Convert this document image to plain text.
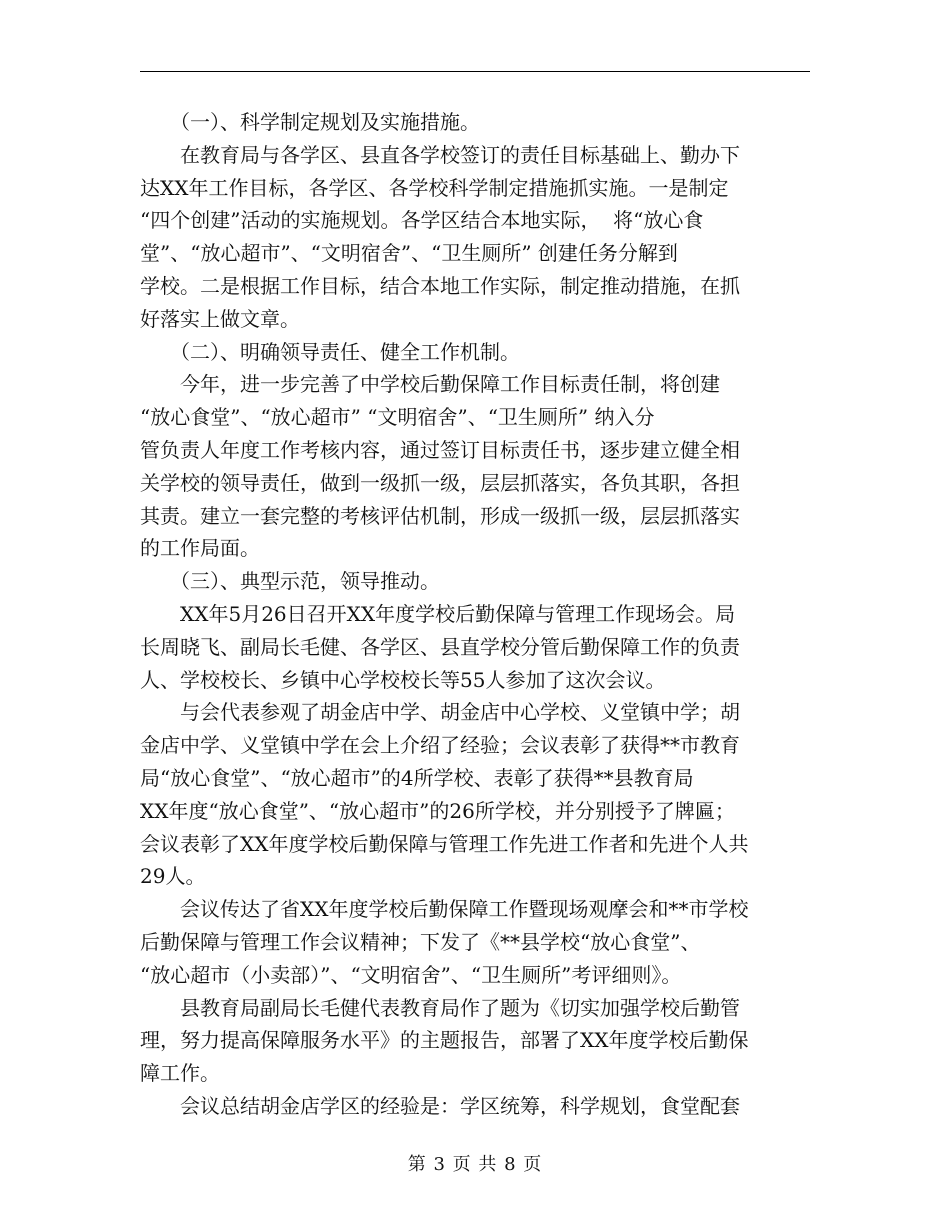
　　（一）、科学制定规划及实施措施。
　　在教育局与各学区、县直各学校签订的责任目标基础上、勤办下
达XX年工作目标，各学区、各学校科学制定措施抓实施。一是制定
“四个创建”活动的实施规划。各学区结合本地实际，  将“放心食
堂”、“放心超市”、“文明宿舍”、“卫生厕所” 创建任务分解到
学校。二是根据工作目标，结合本地工作实际，制定推动措施，在抓
好落实上做文章。
　　（二）、明确领导责任、健全工作机制。
　　今年，进一步完善了中学校后勤保障工作目标责任制，将创建
“放心食堂”、“放心超市” “文明宿舍”、“卫生厕所” 纳入分
管负责人年度工作考核内容，通过签订目标责任书，逐步建立健全相
关学校的领导责任，做到一级抓一级，层层抓落实，各负其职，各担
其责。建立一套完整的考核评估机制，形成一级抓一级，层层抓落实
的工作局面。
　　（三）、典型示范，领导推动。
　　XX年5月26日召开XX年度学校后勤保障与管理工作现场会。局
长周晓飞、副局长毛健、各学区、县直学校分管后勤保障工作的负责
人、学校校长、乡镇中心学校校长等55人参加了这次会议。
　　与会代表参观了胡金店中学、胡金店中心学校、义堂镇中学；胡
金店中学、义堂镇中学在会上介绍了经验；会议表彰了获得**市教育
局“放心食堂”、“放心超市”的4所学校、表彰了获得**县教育局
XX年度“放心食堂”、“放心超市”的26所学校，并分别授予了牌匾；
会议表彰了XX年度学校后勤保障与管理工作先进工作者和先进个人共
29人。
　　会议传达了省XX年度学校后勤保障工作暨现场观摩会和**市学校
后勤保障与管理工作会议精神；下发了《**县学校“放心食堂”、
“放心超市（小卖部）”、“文明宿舍”、“卫生厕所”考评细则》。
　　县教育局副局长毛健代表教育局作了题为《切实加强学校后勤管
理，努力提高保障服务水平》的主题报告，部署了XX年度学校后勤保
障工作。
　　会议总结胡金店学区的经验是：学区统筹，科学规划，食堂配套
第 3 页 共 8 页
